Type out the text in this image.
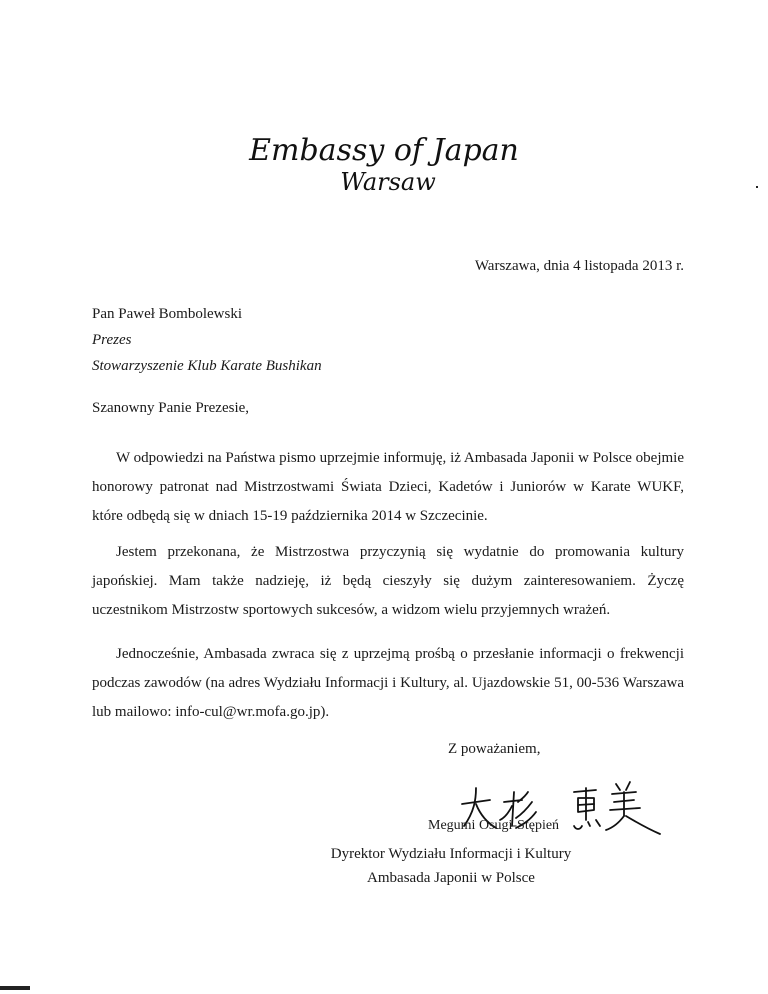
Embassy of Japan
Warsaw
Warszawa, dnia 4 listopada 2013 r.
Pan Paweł Bombolewski
Prezes
Stowarzyszenie Klub Karate Bushikan
Szanowny Panie Prezesie,

W odpowiedzi na Państwa pismo uprzejmie informuję, iż Ambasada Japonii w Polsce obejmie honorowy patronat nad Mistrzostwami Świata Dzieci, Kadetów i Juniorów w Karate WUKF, które odbędą się w dniach 15-19 października 2014 w Szczecinie.

Jestem przekonana, że Mistrzostwa przyczynią się wydatnie do promowania kultury japońskiej. Mam także nadzieję, iż będą cieszyły się dużym zainteresowaniem. Życzę uczestnikom Mistrzostw sportowych sukcesów, a widzom wielu przyjemnych wrażeń.

Jednocześnie, Ambasada zwraca się z uprzejmą prośbą o przesłanie informacji o frekwencji podczas zawodów (na adres Wydziału Informacji i Kultury, al. Ujazdowskie 51, 00-536 Warszawa lub mailowo: info-cul@wr.mofa.go.jp).

Z poważaniem,
Megumi Osugi-Stępień
Dyrektor Wydziału Informacji i Kultury
Ambasada Japonii w Polsce
